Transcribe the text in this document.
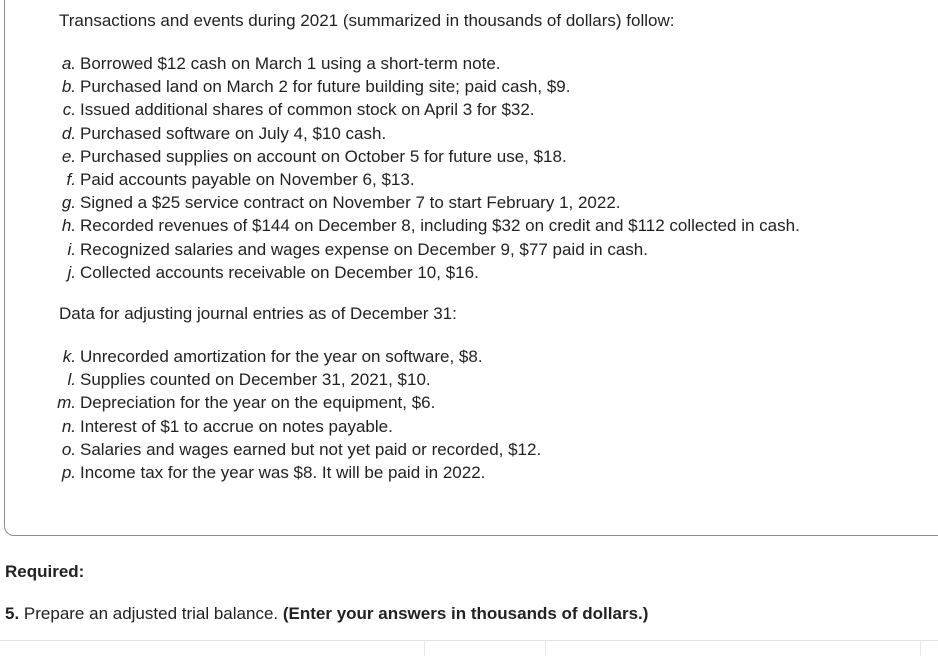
Transactions and events during 2021 (summarized in thousands of dollars) follow:
a. Borrowed $12 cash on March 1 using a short-term note.
b. Purchased land on March 2 for future building site; paid cash, $9.
c. Issued additional shares of common stock on April 3 for $32.
d. Purchased software on July 4, $10 cash.
e. Purchased supplies on account on October 5 for future use, $18.
f. Paid accounts payable on November 6, $13.
g. Signed a $25 service contract on November 7 to start February 1, 2022.
h. Recorded revenues of $144 on December 8, including $32 on credit and $112 collected in cash.
i. Recognized salaries and wages expense on December 9, $77 paid in cash.
j. Collected accounts receivable on December 10, $16.
Data for adjusting journal entries as of December 31:
k. Unrecorded amortization for the year on software, $8.
l. Supplies counted on December 31, 2021, $10.
m. Depreciation for the year on the equipment, $6.
n. Interest of $1 to accrue on notes payable.
o. Salaries and wages earned but not yet paid or recorded, $12.
p. Income tax for the year was $8. It will be paid in 2022.
Required:
5. Prepare an adjusted trial balance. (Enter your answers in thousands of dollars.)
